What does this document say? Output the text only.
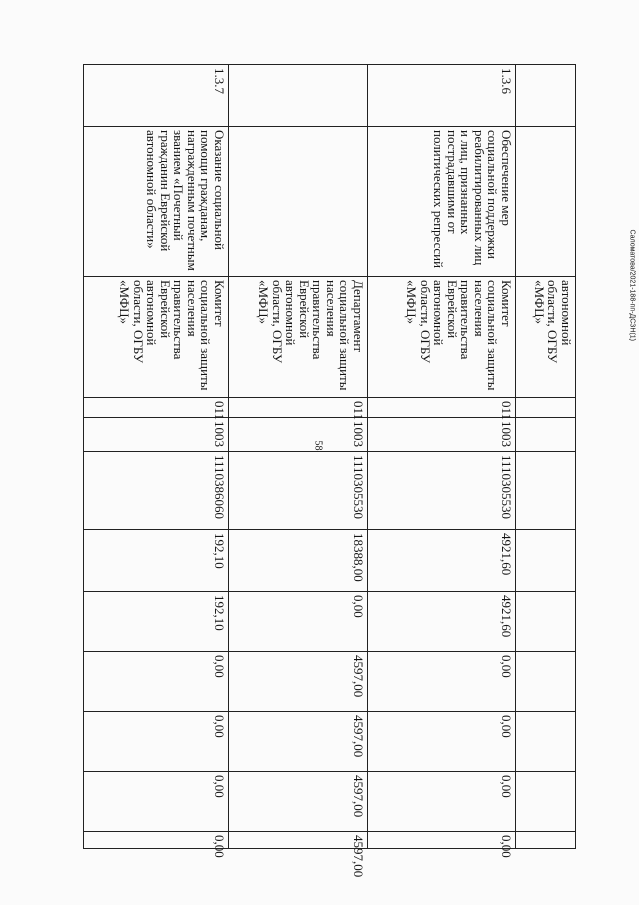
58
Саломатова/2021-188-пп-ДСЗН(1)
		автономной области, ОГБУ «МФЦ»									
1.3.6	Обеспечение мер социальной поддержки реабилитированных лиц и лиц, признанных пострадавшими от политических репрессий	Комитет социальной защиты населения правительства Еврейской автономной области, ОГБУ «МФЦ»	011	1003	1110305530	4921,60	4921,60	0,00	0,00	0,00	0,00
		Департамент социальной защиты населения правительства Еврейской автономной области, ОГБУ «МФЦ»	011	1003	1110305530	18388,00	0,00	4597,00	4597,00	4597,00	4597,00
1.3.7	Оказание социальной помощи гражданам, награжденным почетным званием «Почетный гражданин Еврейской автономной области»	Комитет социальной защиты населения правительства Еврейской автономной области, ОГБУ «МФЦ»	011	1003	1110386060	192,10	192,10	0,00	0,00	0,00	0,00
